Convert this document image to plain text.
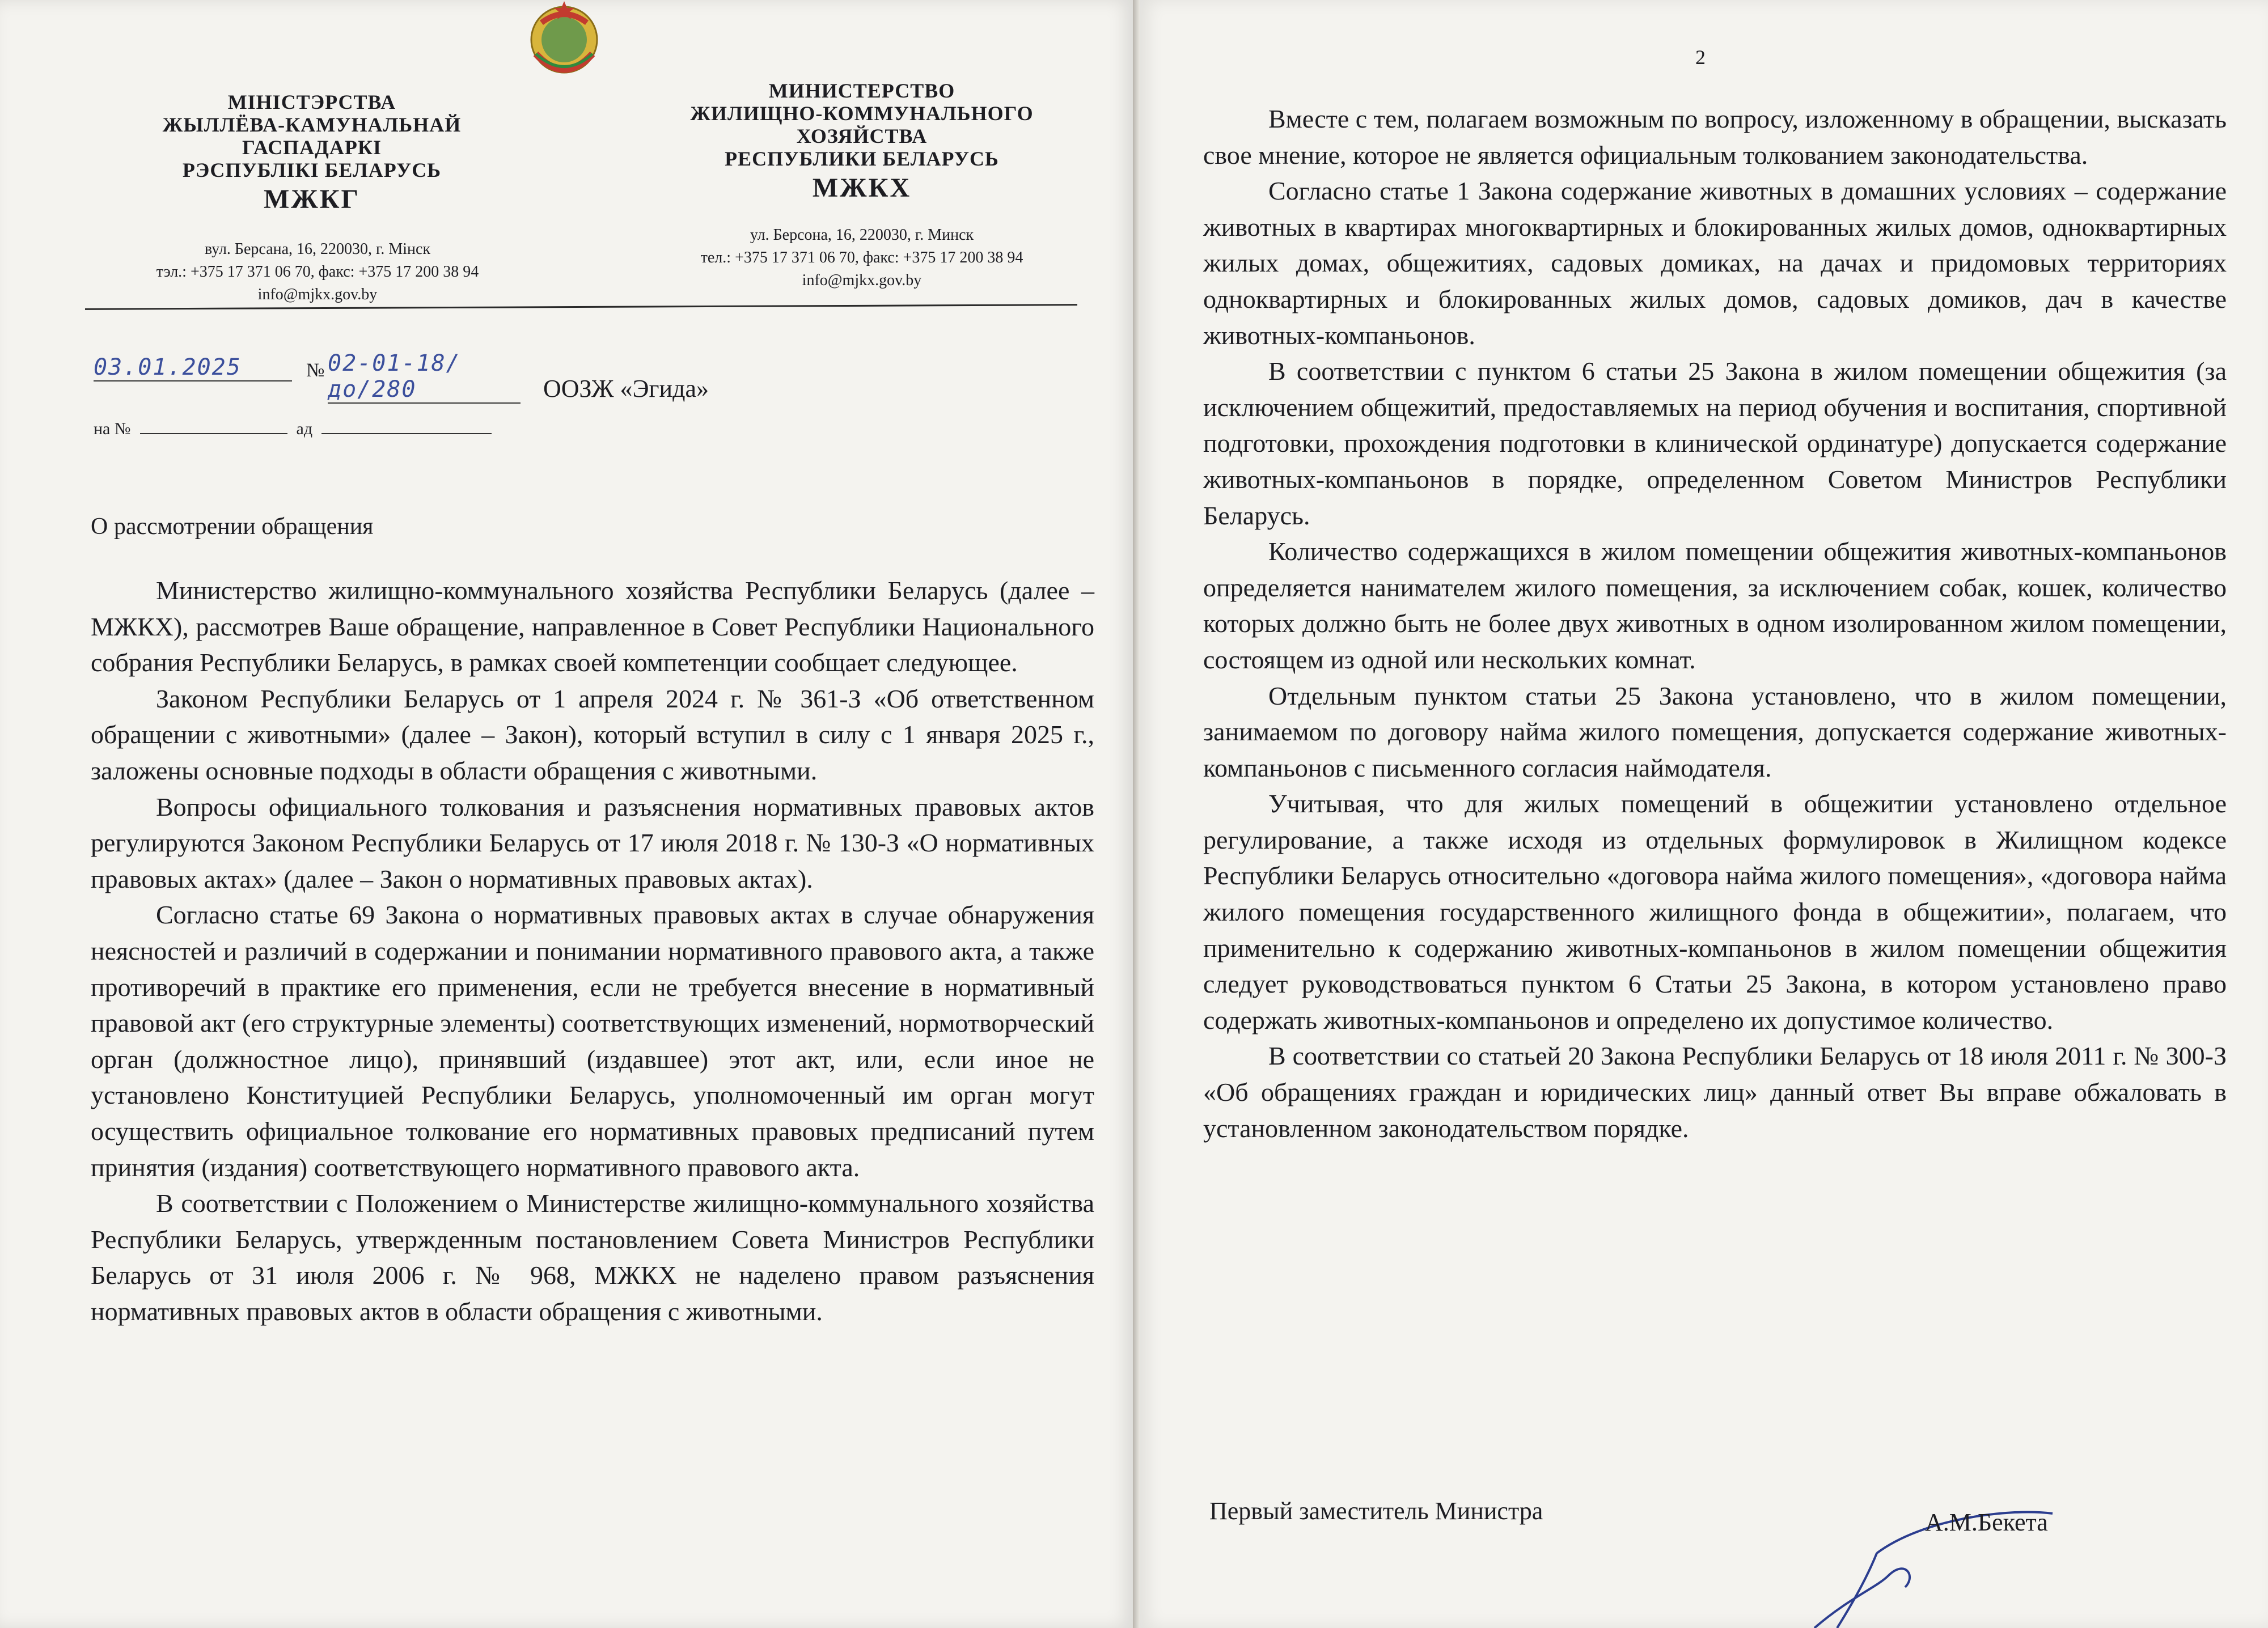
МІНІСТЭРСТВА
ЖЫЛЛЁВА-КАМУНАЛЬНАЙ
ГАСПАДАРКІ
РЭСПУБЛІКІ БЕЛАРУСЬ
МЖКГ
МИНИСТЕРСТВО
ЖИЛИЩНО-КОММУНАЛЬНОГО
ХОЗЯЙСТВА
РЕСПУБЛИКИ БЕЛАРУСЬ
МЖКХ
вул. Берсана, 16, 220030, г. Мінск
тэл.: +375 17 371 06 70, факс: +375 17 200 38 94
info@mjkx.gov.by
ул. Берсона, 16, 220030, г. Минск
тел.: +375 17 371 06 70, факс: +375 17 200 38 94
info@mjkx.gov.by
03.01.2025	№ 02-01-18/до/280	ООЗЖ «Эгида»
на №	ад
О рассмотрении обращения

Министерство жилищно-коммунального хозяйства Республики Беларусь (далее – МЖКХ), рассмотрев Ваше обращение, направленное в Совет Республики Национального собрания Республики Беларусь, в рамках своей компетенции сообщает следующее.

Законом Республики Беларусь от 1 апреля 2024 г. № 361-З «Об ответственном обращении с животными» (далее – Закон), который вступил в силу с 1 января 2025 г., заложены основные подходы в области обращения с животными.

Вопросы официального толкования и разъяснения нормативных правовых актов регулируются Законом Республики Беларусь от 17 июля 2018 г. № 130-З «О нормативных правовых актах» (далее – Закон о нормативных правовых актах).

Согласно статье 69 Закона о нормативных правовых актах в случае обнаружения неясностей и различий в содержании и понимании нормативного правового акта, а также противоречий в практике его применения, если не требуется внесение в нормативный правовой акт (его структурные элементы) соответствующих изменений, нормотворческий орган (должностное лицо), принявший (издавшее) этот акт, или, если иное не установлено Конституцией Республики Беларусь, уполномоченный им орган могут осуществить официальное толкование его нормативных правовых предписаний путем принятия (издания) соответствующего нормативного правового акта.

В соответствии с Положением о Министерстве жилищно-коммунального хозяйства Республики Беларусь, утвержденным постановлением Совета Министров Республики Беларусь от 31 июля 2006 г. № 968, МЖКХ не наделено правом разъяснения нормативных правовых актов в области обращения с животными.

2

Вместе с тем, полагаем возможным по вопросу, изложенному в обращении, высказать свое мнение, которое не является официальным толкованием законодательства.

Согласно статье 1 Закона содержание животных в домашних условиях – содержание животных в квартирах многоквартирных и блокированных жилых домов, одноквартирных жилых домах, общежитиях, садовых домиках, на дачах и придомовых территориях одноквартирных и блокированных жилых домов, садовых домиков, дач в качестве животных-компаньонов.

В соответствии с пунктом 6 статьи 25 Закона в жилом помещении общежития (за исключением общежитий, предоставляемых на период обучения и воспитания, спортивной подготовки, прохождения подготовки в клинической ординатуре) допускается содержание животных-компаньонов в порядке, определенном Советом Министров Республики Беларусь.

Количество содержащихся в жилом помещении общежития животных-компаньонов определяется нанимателем жилого помещения, за исключением собак, кошек, количество которых должно быть не более двух животных в одном изолированном жилом помещении, состоящем из одной или нескольких комнат.

Отдельным пунктом статьи 25 Закона установлено, что в жилом помещении, занимаемом по договору найма жилого помещения, допускается содержание животных-компаньонов с письменного согласия наймодателя.

Учитывая, что для жилых помещений в общежитии установлено отдельное регулирование, а также исходя из отдельных формулировок в Жилищном кодексе Республики Беларусь относительно «договора найма жилого помещения», «договора найма жилого помещения государственного жилищного фонда в общежитии», полагаем, что применительно к содержанию животных-компаньонов в жилом помещении общежития следует руководствоваться пунктом 6 Статьи 25 Закона, в котором установлено право содержать животных-компаньонов и определено их допустимое количество.

В соответствии со статьей 20 Закона Республики Беларусь от 18 июля 2011 г. № 300-З «Об обращениях граждан и юридических лиц» данный ответ Вы вправе обжаловать в установленном законодательством порядке.

Первый заместитель Министра	А.М.Бекета
